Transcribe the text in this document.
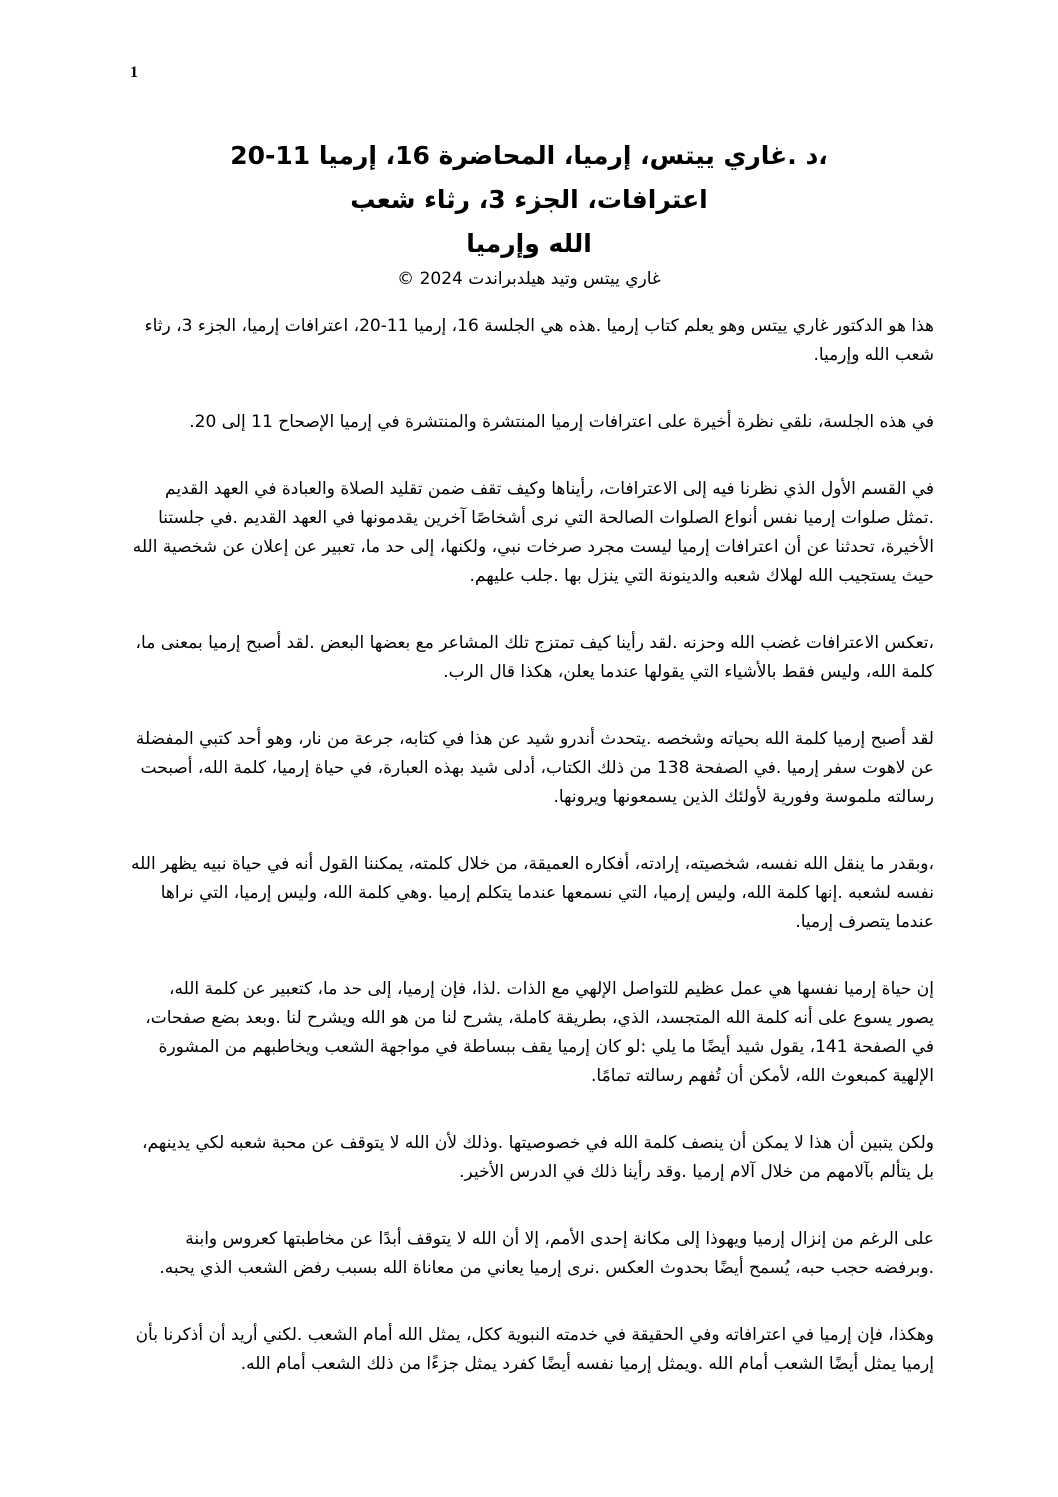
1
،د .غاري ييتس، إرميا، المحاضرة 16، إرميا 11-20
اعترافات، الجزء 3، رثاء شعب
الله وإرميا
غاري ييتس وتيد هيلدبراندت 2024 ©

هذا هو الدكتور غاري ييتس وهو يعلم كتاب إرميا .هذه هي الجلسة 16، إرميا 11-20، اعترافات إرميا، الجزء 3، رثاء شعب الله وإرميا.

في هذه الجلسة، نلقي نظرة أخيرة على اعترافات إرميا المنتشرة والمنتشرة في إرميا الإصحاح 11 إلى 20.

في القسم الأول الذي نظرنا فيه إلى الاعترافات، رأيناها وكيف تقف ضمن تقليد الصلاة والعبادة في العهد القديم .تمثل صلوات إرميا نفس أنواع الصلوات الصالحة التي نرى أشخاصًا آخرين يقدمونها في العهد القديم .في جلستنا الأخيرة، تحدثنا عن أن اعترافات إرميا ليست مجرد صرخات نبي، ولكنها، إلى حد ما، تعبير عن إعلان عن شخصية الله حيث يستجيب الله لهلاك شعبه والدينونة التي ينزل بها .جلب عليهم.

،تعكس الاعترافات غضب الله وحزنه .لقد رأينا كيف تمتزج تلك المشاعر مع بعضها البعض .لقد أصبح إرميا بمعنى ما، كلمة الله، وليس فقط بالأشياء التي يقولها عندما يعلن، هكذا قال الرب.

لقد أصبح إرميا كلمة الله بحياته وشخصه .يتحدث أندرو شيد عن هذا في كتابه، جرعة من نار، وهو أحد كتبي المفضلة عن لاهوت سفر إرميا .في الصفحة 138 من ذلك الكتاب، أدلى شيد بهذه العبارة، في حياة إرميا، كلمة الله، أصبحت رسالته ملموسة وفورية لأولئك الذين يسمعونها ويرونها.

،وبقدر ما ينقل الله نفسه، شخصيته، إرادته، أفكاره العميقة، من خلال كلمته، يمكننا القول أنه في حياة نبيه يظهر الله نفسه لشعبه .إنها كلمة الله، وليس إرميا، التي نسمعها عندما يتكلم إرميا .وهي كلمة الله، وليس إرميا، التي نراها عندما يتصرف إرميا.

إن حياة إرميا نفسها هي عمل عظيم للتواصل الإلهي مع الذات .لذا، فإن إرميا، إلى حد ما، كتعبير عن كلمة الله، يصور يسوع على أنه كلمة الله المتجسد، الذي، بطريقة كاملة، يشرح لنا من هو الله ويشرح لنا .وبعد بضع صفحات، في الصفحة 141، يقول شيد أيضًا ما يلي :لو كان إرميا يقف ببساطة في مواجهة الشعب ويخاطبهم من المشورة الإلهية كمبعوث الله، لأمكن أن تُفهم رسالته تمامًا.

ولكن يتبين أن هذا لا يمكن أن ينصف كلمة الله في خصوصيتها .وذلك لأن الله لا يتوقف عن محبة شعبه لكي يدينهم، بل يتألم بآلامهم من خلال آلام إرميا .وقد رأينا ذلك في الدرس الأخير.

على الرغم من إنزال إرميا ويهوذا إلى مكانة إحدى الأمم، إلا أن الله لا يتوقف أبدًا عن مخاطبتها كعروس وابنة .وبرفضه حجب حبه، يُسمح أيضًا بحدوث العكس .نرى إرميا يعاني من معاناة الله بسبب رفض الشعب الذي يحبه.

وهكذا، فإن إرميا في اعترافاته وفي الحقيقة في خدمته النبوية ككل، يمثل الله أمام الشعب .لكني أريد أن أذكرنا بأن إرميا يمثل أيضًا الشعب أمام الله .ويمثل إرميا نفسه أيضًا كفرد يمثل جزءًا من ذلك الشعب أمام الله.
